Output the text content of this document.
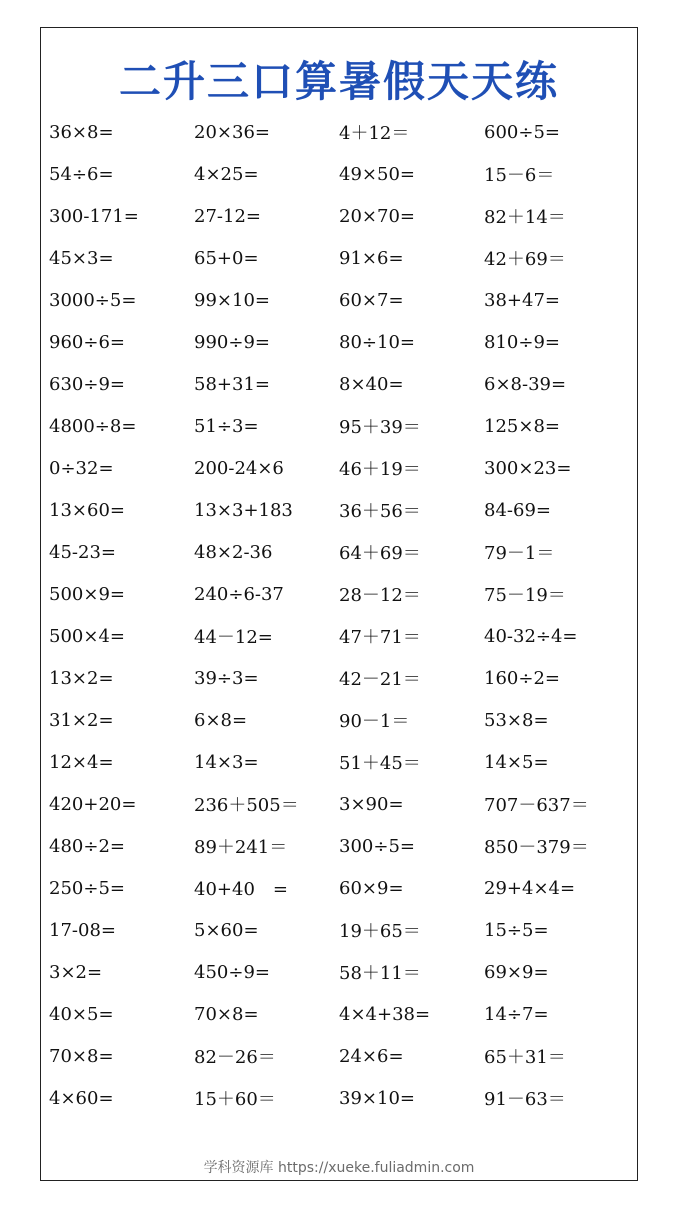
二升三口算暑假天天练
36×8=	20×36=	4＋12＝	600÷5=
54÷6=	4×25=	49×50=	15－6＝
300-171=	27-12=	20×70=	82＋14＝
45×3=	65+0=	91×6=	42＋69＝
3000÷5=	99×10=	60×7=	38+47=
960÷6=	990÷9=	80÷10=	810÷9=
630÷9=	58+31=	8×40=	6×8-39=
4800÷8=	51÷3=	95＋39＝	125×8=
0÷32=	200-24×6	46＋19＝	300×23=
13×60=	13×3+183	36＋56＝	84-69=
45-23=	48×2-36	64＋69＝	79－1＝
500×9=	240÷6-37	28－12＝	75－19＝
500×4=	44－12=	47＋71＝	40-32÷4=
13×2=	39÷3=	42－21＝	160÷2=
31×2=	6×8=	90－1＝	53×8=
12×4=	14×3=	51＋45＝	14×5=
420+20=	236＋505＝	3×90=	707－637＝
480÷2=	89＋241＝	300÷5=	850－379＝
250÷5=	40+40　=	60×9=	29+4×4=
17-08=	5×60=	19＋65＝	15÷5=
3×2=	450÷9=	58＋11＝	69×9=
40×5=	70×8=	4×4+38=	14÷7=
70×8=	82－26＝	24×6=	65＋31＝
4×60=	15＋60＝	39×10=	91－63＝
学科资源库 https://xueke.fuliadmin.com
